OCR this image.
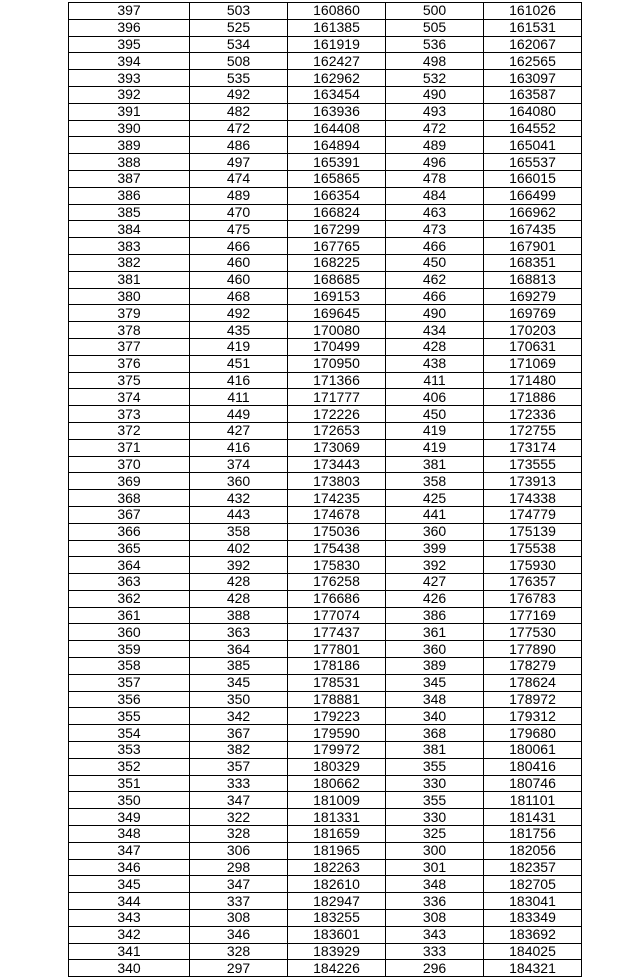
397	503	160860	500	161026
396	525	161385	505	161531
395	534	161919	536	162067
394	508	162427	498	162565
393	535	162962	532	163097
392	492	163454	490	163587
391	482	163936	493	164080
390	472	164408	472	164552
389	486	164894	489	165041
388	497	165391	496	165537
387	474	165865	478	166015
386	489	166354	484	166499
385	470	166824	463	166962
384	475	167299	473	167435
383	466	167765	466	167901
382	460	168225	450	168351
381	460	168685	462	168813
380	468	169153	466	169279
379	492	169645	490	169769
378	435	170080	434	170203
377	419	170499	428	170631
376	451	170950	438	171069
375	416	171366	411	171480
374	411	171777	406	171886
373	449	172226	450	172336
372	427	172653	419	172755
371	416	173069	419	173174
370	374	173443	381	173555
369	360	173803	358	173913
368	432	174235	425	174338
367	443	174678	441	174779
366	358	175036	360	175139
365	402	175438	399	175538
364	392	175830	392	175930
363	428	176258	427	176357
362	428	176686	426	176783
361	388	177074	386	177169
360	363	177437	361	177530
359	364	177801	360	177890
358	385	178186	389	178279
357	345	178531	345	178624
356	350	178881	348	178972
355	342	179223	340	179312
354	367	179590	368	179680
353	382	179972	381	180061
352	357	180329	355	180416
351	333	180662	330	180746
350	347	181009	355	181101
349	322	181331	330	181431
348	328	181659	325	181756
347	306	181965	300	182056
346	298	182263	301	182357
345	347	182610	348	182705
344	337	182947	336	183041
343	308	183255	308	183349
342	346	183601	343	183692
341	328	183929	333	184025
340	297	184226	296	184321
